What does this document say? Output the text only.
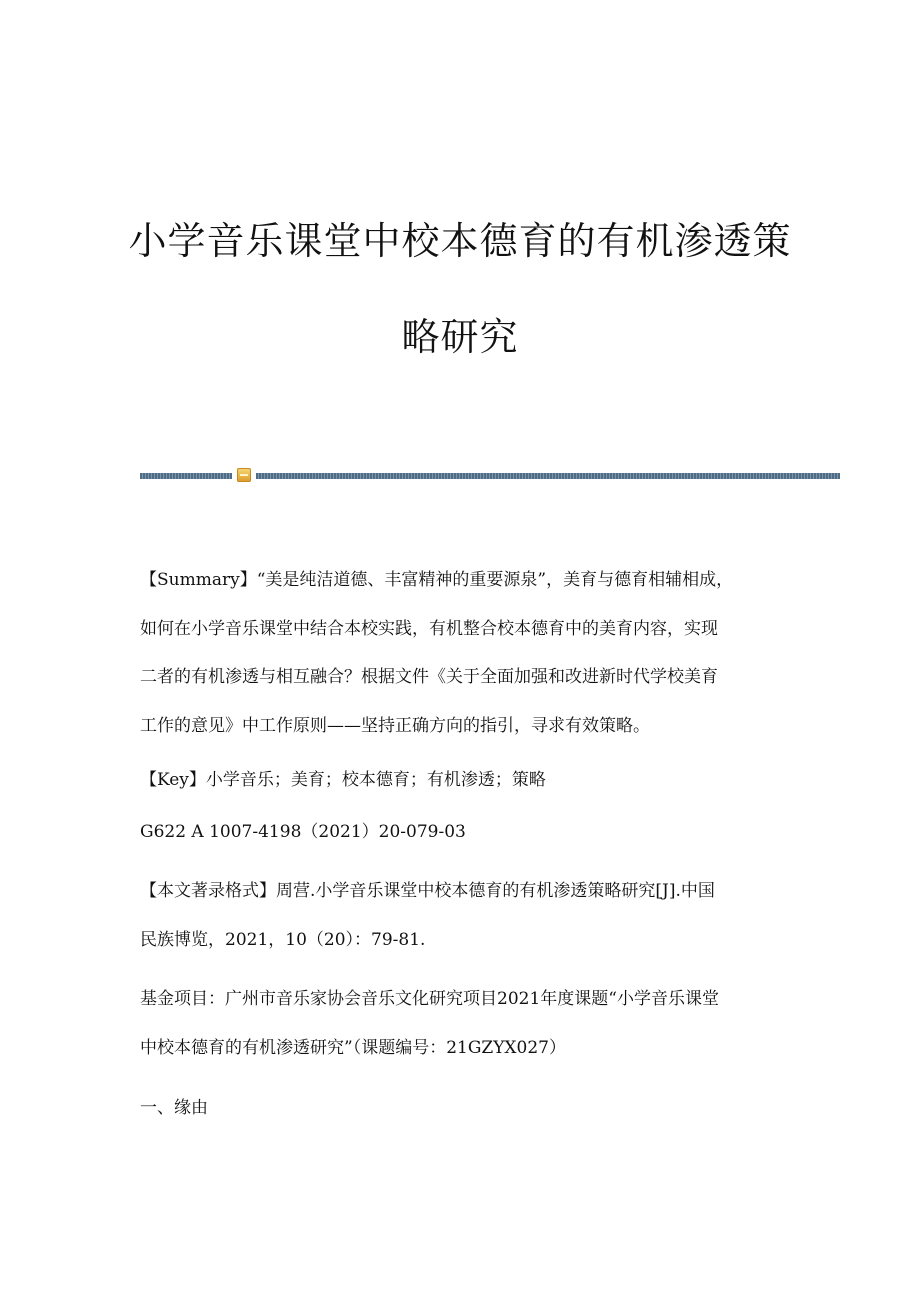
小学音乐课堂中校本德育的有机渗透策
略研究

【Summary】“美是纯洁道德、丰富精神的重要源泉”，美育与德育相辅相成，
如何在小学音乐课堂中结合本校实践，有机整合校本德育中的美育内容，实现
二者的有机渗透与相互融合？根据文件《关于全面加强和改进新时代学校美育
工作的意见》中工作原则——坚持正确方向的指引，寻求有效策略。

【Key】小学音乐；美育；校本德育；有机渗透；策略

G622 A 1007-4198（2021）20-079-03

【本文著录格式】周营.小学音乐课堂中校本德育的有机渗透策略研究[J].中国
民族博览，2021，10（20）：79-81.

基金项目：广州市音乐家协会音乐文化研究项目2021年度课题“小学音乐课堂
中校本德育的有机渗透研究”（课题编号：21GZYX027）

一、缘由
